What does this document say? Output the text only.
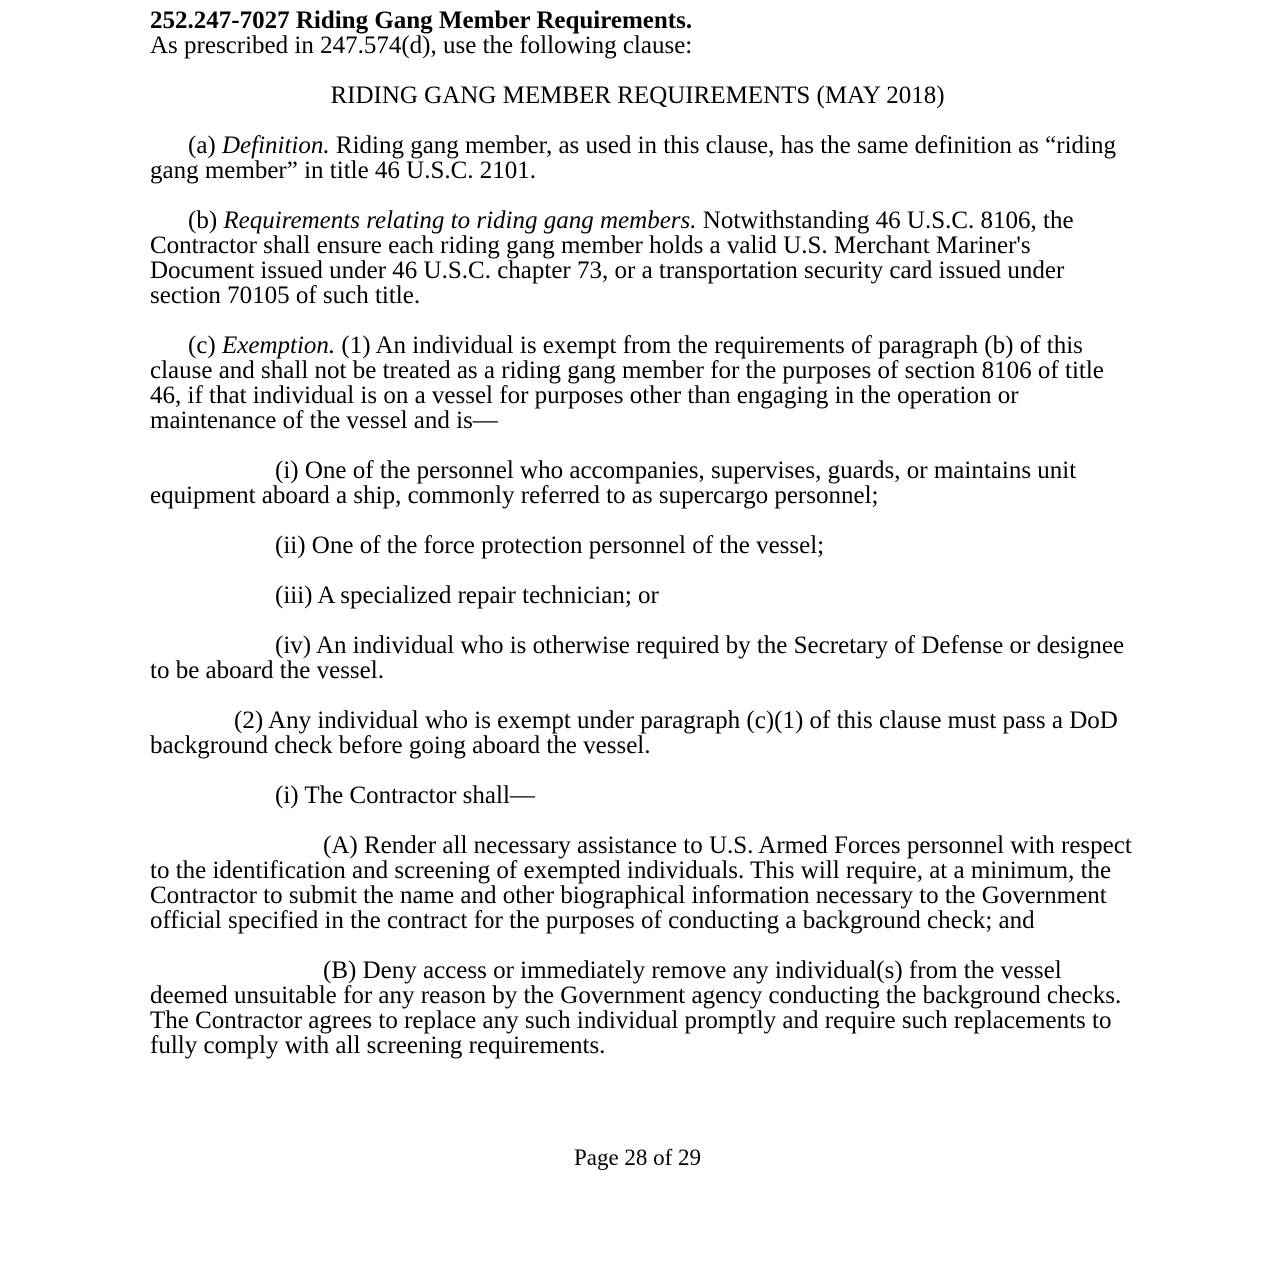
252.247-7027 Riding Gang Member Requirements.

As prescribed in 247.574(d), use the following clause:

RIDING GANG MEMBER REQUIREMENTS (MAY 2018)

(a) Definition. Riding gang member, as used in this clause, has the same definition as “riding gang member” in title 46 U.S.C. 2101.

(b) Requirements relating to riding gang members. Notwithstanding 46 U.S.C. 8106, the Contractor shall ensure each riding gang member holds a valid U.S. Merchant Mariner's Document issued under 46 U.S.C. chapter 73, or a transportation security card issued under section 70105 of such title.

(c) Exemption. (1) An individual is exempt from the requirements of paragraph (b) of this clause and shall not be treated as a riding gang member for the purposes of section 8106 of title 46, if that individual is on a vessel for purposes other than engaging in the operation or maintenance of the vessel and is—

(i) One of the personnel who accompanies, supervises, guards, or maintains unit equipment aboard a ship, commonly referred to as supercargo personnel;

(ii) One of the force protection personnel of the vessel;

(iii) A specialized repair technician; or

(iv) An individual who is otherwise required by the Secretary of Defense or designee to be aboard the vessel.

(2) Any individual who is exempt under paragraph (c)(1) of this clause must pass a DoD background check before going aboard the vessel.

(i) The Contractor shall—

(A) Render all necessary assistance to U.S. Armed Forces personnel with respect to the identification and screening of exempted individuals. This will require, at a minimum, the Contractor to submit the name and other biographical information necessary to the Government official specified in the contract for the purposes of conducting a background check; and

(B) Deny access or immediately remove any individual(s) from the vessel deemed unsuitable for any reason by the Government agency conducting the background checks. The Contractor agrees to replace any such individual promptly and require such replacements to fully comply with all screening requirements.

Page 28 of 29
